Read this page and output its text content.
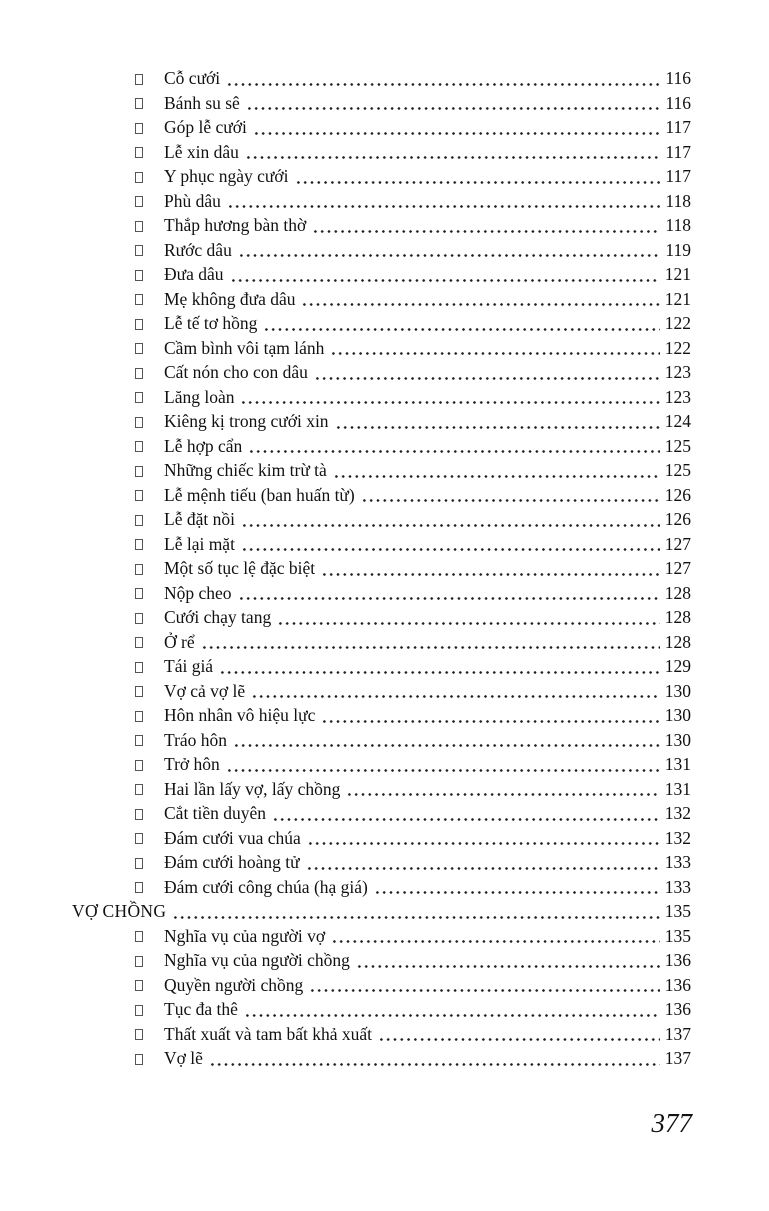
Cỗ cưới	116
Bánh su sê	116
Góp lễ cưới	117
Lễ xin dâu	117
Y phục ngày cưới	117
Phù dâu	118
Thắp hương bàn thờ	118
Rước dâu	119
Đưa dâu	121
Mẹ không đưa dâu	121
Lễ tế tơ hồng	122
Cầm bình vôi tạm lánh	122
Cất nón cho con dâu	123
Lăng loàn	123
Kiêng kị trong cưới xin	124
Lễ hợp cẩn	125
Những chiếc kim trừ tà	125
Lễ mệnh tiếu (ban huấn từ)	126
Lễ đặt nồi	126
Lễ lại mặt	127
Một số tục lệ đặc biệt	127
Nộp cheo	128
Cưới chạy tang	128
Ở rể	128
Tái giá	129
Vợ cả vợ lẽ	130
Hôn nhân vô hiệu lực	130
Tráo hôn	130
Trở hôn	131
Hai lần lấy vợ, lấy chồng	131
Cắt tiền duyên	132
Đám cưới vua chúa	132
Đám cưới hoàng tử	133
Đám cưới công chúa (hạ giá)	133
VỢ CHỒNG	135
Nghĩa vụ của người vợ	135
Nghĩa vụ của người chồng	136
Quyền người chồng	136
Tục đa thê	136
Thất xuất và tam bất khả xuất	137
Vợ lẽ	137
377
